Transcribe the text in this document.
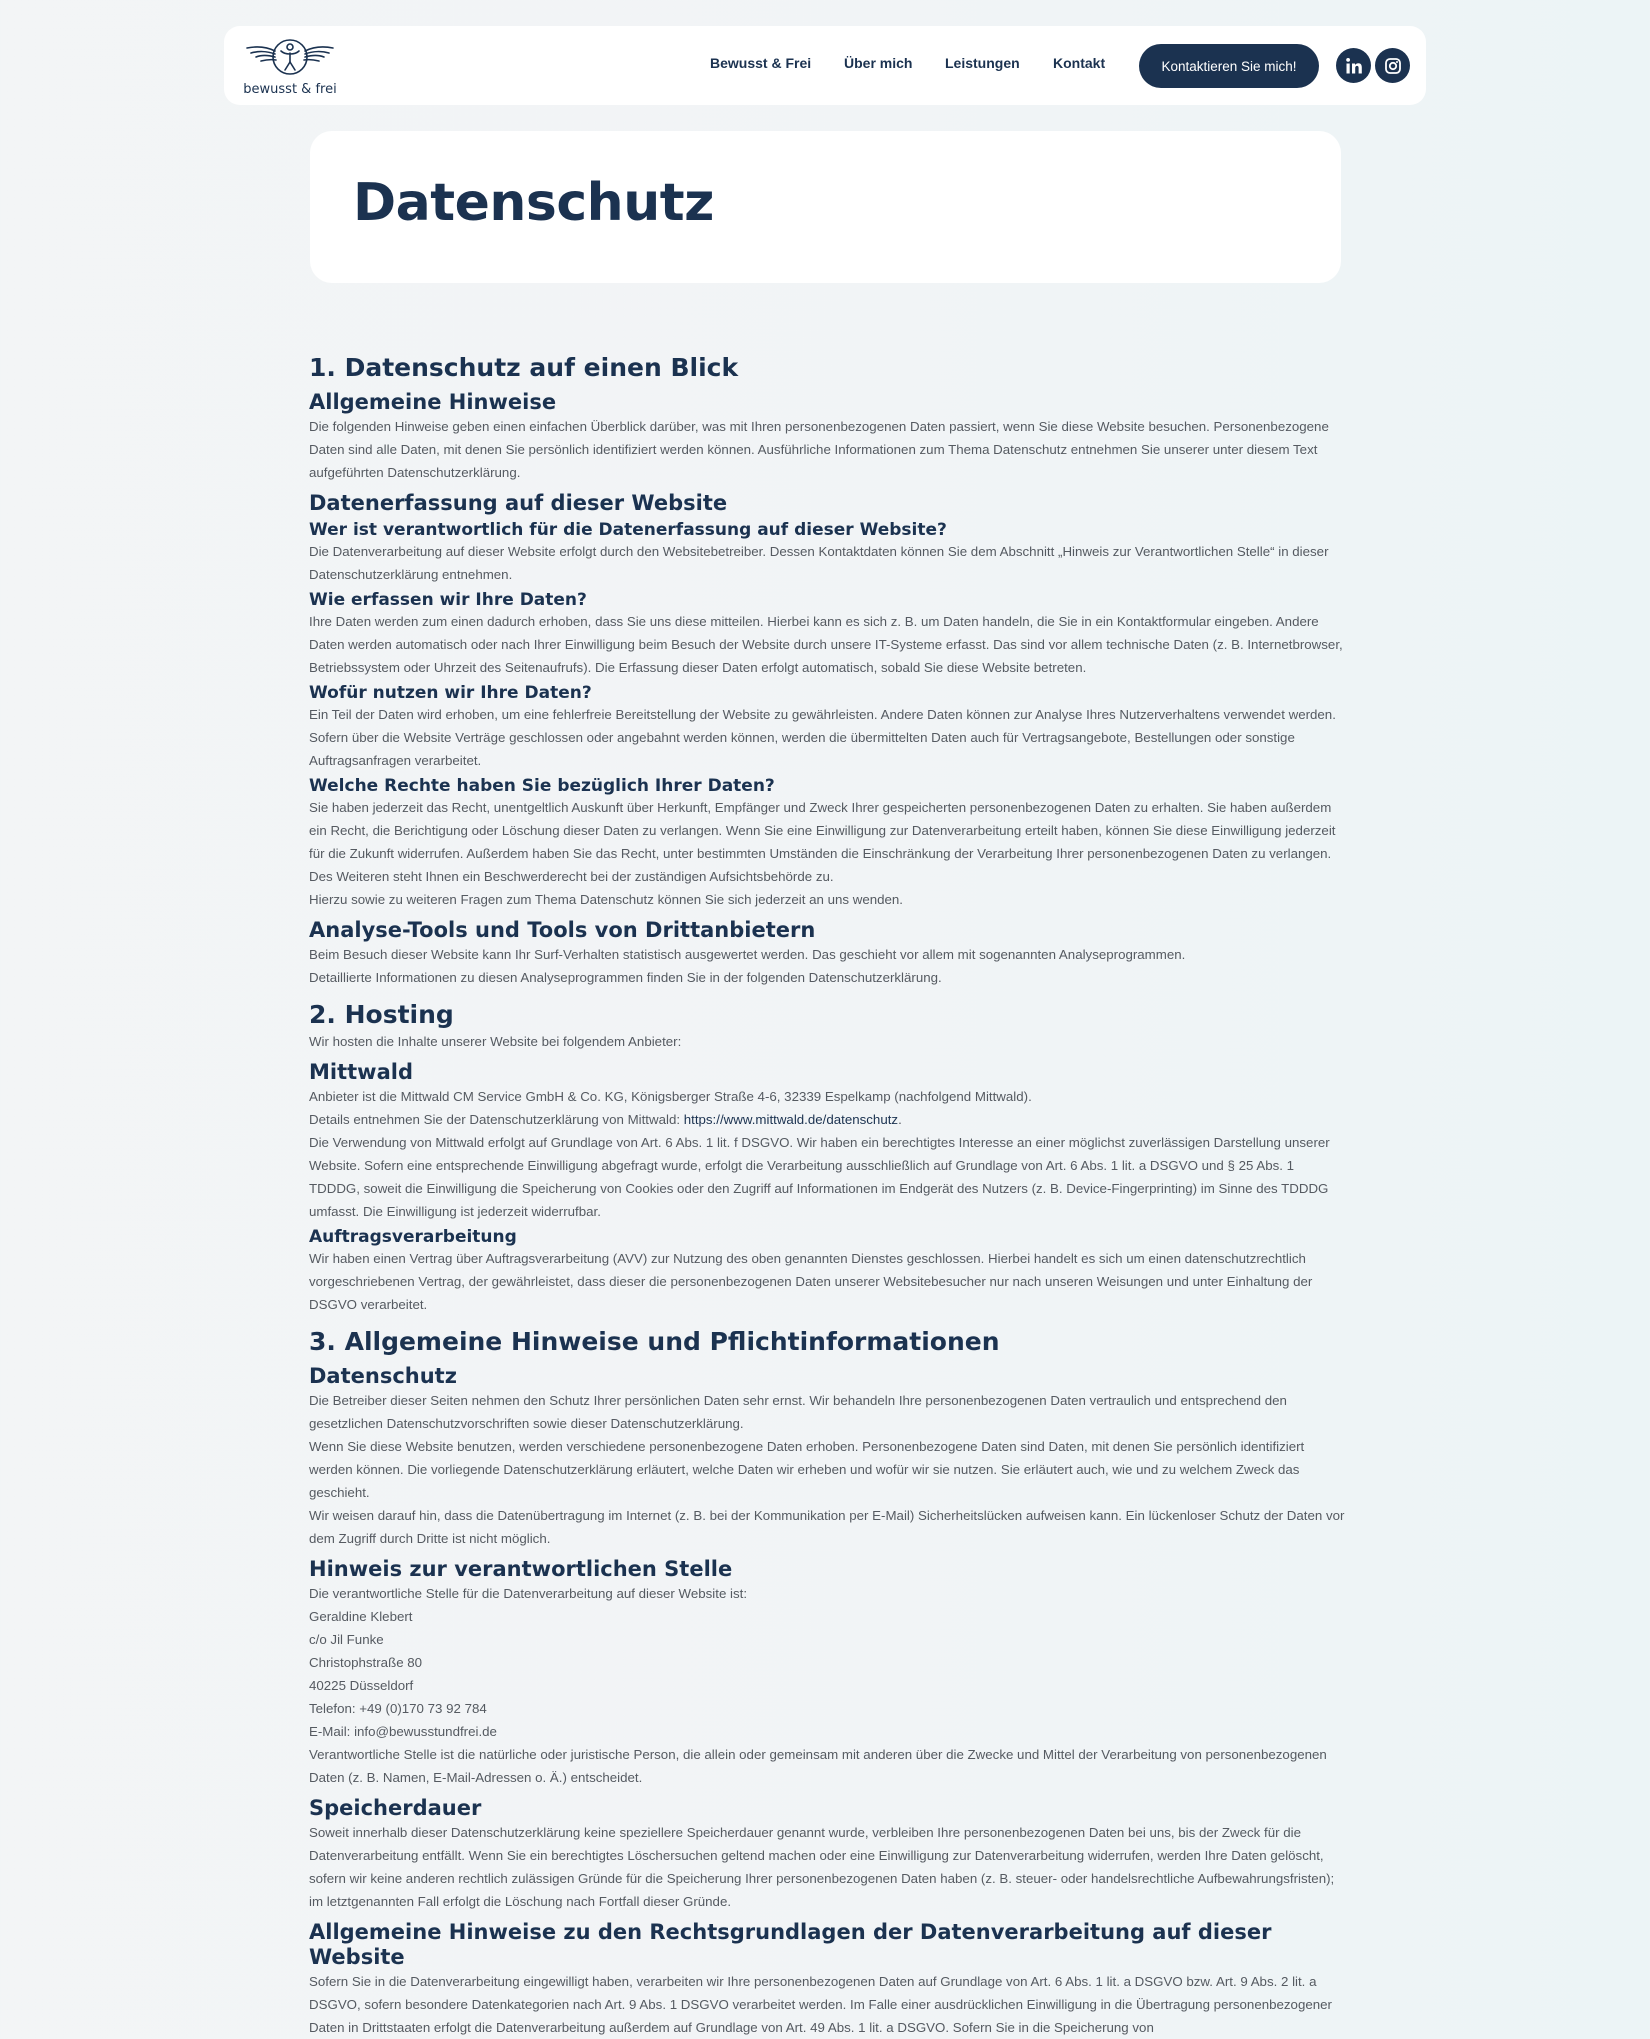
bewusst & frei
Bewusst & Frei Über mich Leistungen Kontakt	Kontaktieren Sie mich!
Datenschutz
1. Datenschutz auf einen Blick
Allgemeine Hinweise
Die folgenden Hinweise geben einen einfachen Überblick darüber, was mit Ihren personenbezogenen Daten passiert, wenn Sie diese Website besuchen. Personenbezogene Daten sind alle Daten, mit denen Sie persönlich identifiziert werden können. Ausführliche Informationen zum Thema Datenschutz entnehmen Sie unserer unter diesem Text aufgeführten Datenschutzerklärung.
Datenerfassung auf dieser Website
Wer ist verantwortlich für die Datenerfassung auf dieser Website?
Die Datenverarbeitung auf dieser Website erfolgt durch den Websitebetreiber. Dessen Kontaktdaten können Sie dem Abschnitt „Hinweis zur Verantwortlichen Stelle“ in dieser Datenschutzerklärung entnehmen.
Wie erfassen wir Ihre Daten?
Ihre Daten werden zum einen dadurch erhoben, dass Sie uns diese mitteilen. Hierbei kann es sich z. B. um Daten handeln, die Sie in ein Kontaktformular eingeben. Andere Daten werden automatisch oder nach Ihrer Einwilligung beim Besuch der Website durch unsere IT-Systeme erfasst. Das sind vor allem technische Daten (z. B. Internetbrowser, Betriebssystem oder Uhrzeit des Seitenaufrufs). Die Erfassung dieser Daten erfolgt automatisch, sobald Sie diese Website betreten.
Wofür nutzen wir Ihre Daten?
Ein Teil der Daten wird erhoben, um eine fehlerfreie Bereitstellung der Website zu gewährleisten. Andere Daten können zur Analyse Ihres Nutzerverhaltens verwendet werden. Sofern über die Website Verträge geschlossen oder angebahnt werden können, werden die übermittelten Daten auch für Vertragsangebote, Bestellungen oder sonstige Auftragsanfragen verarbeitet.
Welche Rechte haben Sie bezüglich Ihrer Daten?
Sie haben jederzeit das Recht, unentgeltlich Auskunft über Herkunft, Empfänger und Zweck Ihrer gespeicherten personenbezogenen Daten zu erhalten. Sie haben außerdem ein Recht, die Berichtigung oder Löschung dieser Daten zu verlangen. Wenn Sie eine Einwilligung zur Datenverarbeitung erteilt haben, können Sie diese Einwilligung jederzeit für die Zukunft widerrufen. Außerdem haben Sie das Recht, unter bestimmten Umständen die Einschränkung der Verarbeitung Ihrer personenbezogenen Daten zu verlangen. Des Weiteren steht Ihnen ein Beschwerderecht bei der zuständigen Aufsichtsbehörde zu.
Hierzu sowie zu weiteren Fragen zum Thema Datenschutz können Sie sich jederzeit an uns wenden.
Analyse-Tools und Tools von Drittanbietern
Beim Besuch dieser Website kann Ihr Surf-Verhalten statistisch ausgewertet werden. Das geschieht vor allem mit sogenannten Analyseprogrammen.
Detaillierte Informationen zu diesen Analyseprogrammen finden Sie in der folgenden Datenschutzerklärung.
2. Hosting
Wir hosten die Inhalte unserer Website bei folgendem Anbieter:
Mittwald
Anbieter ist die Mittwald CM Service GmbH & Co. KG, Königsberger Straße 4-6, 32339 Espelkamp (nachfolgend Mittwald).
Details entnehmen Sie der Datenschutzerklärung von Mittwald: https://www.mittwald.de/datenschutz.
Die Verwendung von Mittwald erfolgt auf Grundlage von Art. 6 Abs. 1 lit. f DSGVO. Wir haben ein berechtigtes Interesse an einer möglichst zuverlässigen Darstellung unserer Website. Sofern eine entsprechende Einwilligung abgefragt wurde, erfolgt die Verarbeitung ausschließlich auf Grundlage von Art. 6 Abs. 1 lit. a DSGVO und § 25 Abs. 1 TDDDG, soweit die Einwilligung die Speicherung von Cookies oder den Zugriff auf Informationen im Endgerät des Nutzers (z. B. Device-Fingerprinting) im Sinne des TDDDG umfasst. Die Einwilligung ist jederzeit widerrufbar.
Auftragsverarbeitung
Wir haben einen Vertrag über Auftragsverarbeitung (AVV) zur Nutzung des oben genannten Dienstes geschlossen. Hierbei handelt es sich um einen datenschutzrechtlich vorgeschriebenen Vertrag, der gewährleistet, dass dieser die personenbezogenen Daten unserer Websitebesucher nur nach unseren Weisungen und unter Einhaltung der DSGVO verarbeitet.
3. Allgemeine Hinweise und Pflichtinformationen
Datenschutz
Die Betreiber dieser Seiten nehmen den Schutz Ihrer persönlichen Daten sehr ernst. Wir behandeln Ihre personenbezogenen Daten vertraulich und entsprechend den gesetzlichen Datenschutzvorschriften sowie dieser Datenschutzerklärung.
Wenn Sie diese Website benutzen, werden verschiedene personenbezogene Daten erhoben. Personenbezogene Daten sind Daten, mit denen Sie persönlich identifiziert werden können. Die vorliegende Datenschutzerklärung erläutert, welche Daten wir erheben und wofür wir sie nutzen. Sie erläutert auch, wie und zu welchem Zweck das geschieht.
Wir weisen darauf hin, dass die Datenübertragung im Internet (z. B. bei der Kommunikation per E-Mail) Sicherheitslücken aufweisen kann. Ein lückenloser Schutz der Daten vor dem Zugriff durch Dritte ist nicht möglich.
Hinweis zur verantwortlichen Stelle
Die verantwortliche Stelle für die Datenverarbeitung auf dieser Website ist:
Geraldine Klebert
c/o Jil Funke
Christophstraße 80
40225 Düsseldorf
Telefon: +49 (0)170 73 92 784
E-Mail: info@bewusstundfrei.de
Verantwortliche Stelle ist die natürliche oder juristische Person, die allein oder gemeinsam mit anderen über die Zwecke und Mittel der Verarbeitung von personenbezogenen Daten (z. B. Namen, E-Mail-Adressen o. Ä.) entscheidet.
Speicherdauer
Soweit innerhalb dieser Datenschutzerklärung keine speziellere Speicherdauer genannt wurde, verbleiben Ihre personenbezogenen Daten bei uns, bis der Zweck für die Datenverarbeitung entfällt. Wenn Sie ein berechtigtes Löschersuchen geltend machen oder eine Einwilligung zur Datenverarbeitung widerrufen, werden Ihre Daten gelöscht, sofern wir keine anderen rechtlich zulässigen Gründe für die Speicherung Ihrer personenbezogenen Daten haben (z. B. steuer- oder handelsrechtliche Aufbewahrungsfristen); im letztgenannten Fall erfolgt die Löschung nach Fortfall dieser Gründe.
Allgemeine Hinweise zu den Rechtsgrundlagen der Datenverarbeitung auf dieser Website
Sofern Sie in die Datenverarbeitung eingewilligt haben, verarbeiten wir Ihre personenbezogenen Daten auf Grundlage von Art. 6 Abs. 1 lit. a DSGVO bzw. Art. 9 Abs. 2 lit. a DSGVO, sofern besondere Datenkategorien nach Art. 9 Abs. 1 DSGVO verarbeitet werden. Im Falle einer ausdrücklichen Einwilligung in die Übertragung personenbezogener Daten in Drittstaaten erfolgt die Datenverarbeitung außerdem auf Grundlage von Art. 49 Abs. 1 lit. a DSGVO. Sofern Sie in die Speicherung von
